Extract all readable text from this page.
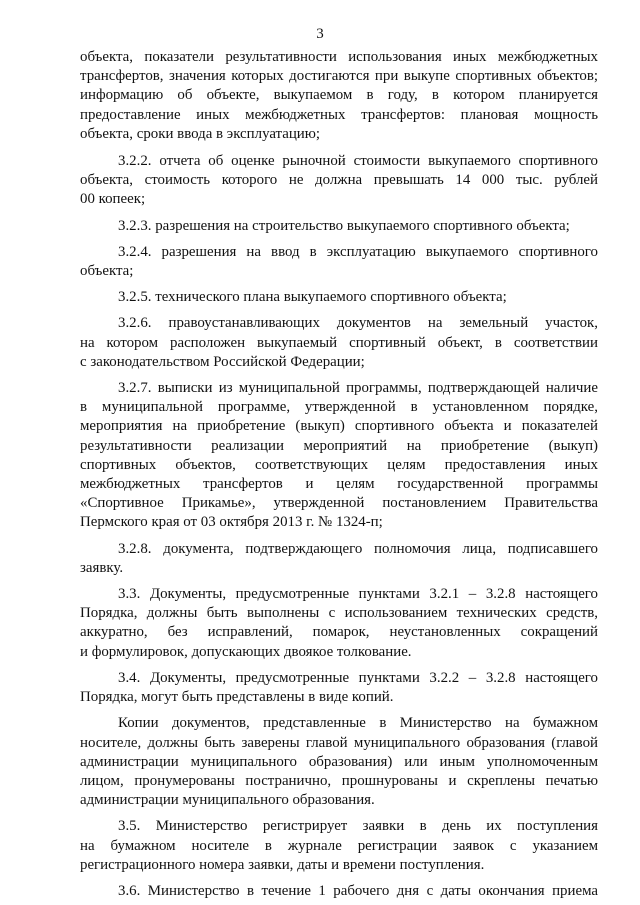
3
объекта, показатели результативности использования иных межбюджетных
трансфертов, значения которых достигаются при выкупе спортивных объектов;
информацию об объекте, выкупаемом в году, в котором планируется
предоставление иных межбюджетных трансфертов: плановая мощность
объекта, сроки ввода в эксплуатацию;
3.2.2. отчета об оценке рыночной стоимости выкупаемого спортивного
объекта, стоимость которого не должна превышать 14 000 тыс. рублей
00 копеек;
3.2.3. разрешения на строительство выкупаемого спортивного объекта;
3.2.4. разрешения на ввод в эксплуатацию выкупаемого спортивного
объекта;
3.2.5. технического плана выкупаемого спортивного объекта;
3.2.6. правоустанавливающих документов на земельный участок,
на котором расположен выкупаемый спортивный объект, в соответствии
с законодательством Российской Федерации;
3.2.7. выписки из муниципальной программы, подтверждающей наличие
в муниципальной программе, утвержденной в установленном порядке,
мероприятия на приобретение (выкуп) спортивного объекта и показателей
результативности реализации мероприятий на приобретение (выкуп)
спортивных объектов, соответствующих целям предоставления иных
межбюджетных трансфертов и целям государственной программы
«Спортивное Прикамье», утвержденной постановлением Правительства
Пермского края от 03 октября 2013 г. № 1324-п;
3.2.8. документа, подтверждающего полномочия лица, подписавшего
заявку.
3.3. Документы, предусмотренные пунктами 3.2.1 – 3.2.8 настоящего
Порядка, должны быть выполнены с использованием технических средств,
аккуратно, без исправлений, помарок, неустановленных сокращений
и формулировок, допускающих двоякое толкование.
3.4. Документы, предусмотренные пунктами 3.2.2 – 3.2.8 настоящего
Порядка, могут быть представлены в виде копий.
Копии документов, представленные в Министерство на бумажном
носителе, должны быть заверены главой муниципального образования (главой
администрации муниципального образования) или иным уполномоченным
лицом, пронумерованы постранично, прошнурованы и скреплены печатью
администрации муниципального образования.
3.5. Министерство регистрирует заявки в день их поступления
на бумажном носителе в журнале регистрации заявок с указанием
регистрационного номера заявки, даты и времени поступления.
3.6. Министерство в течение 1 рабочего дня с даты окончания приема
